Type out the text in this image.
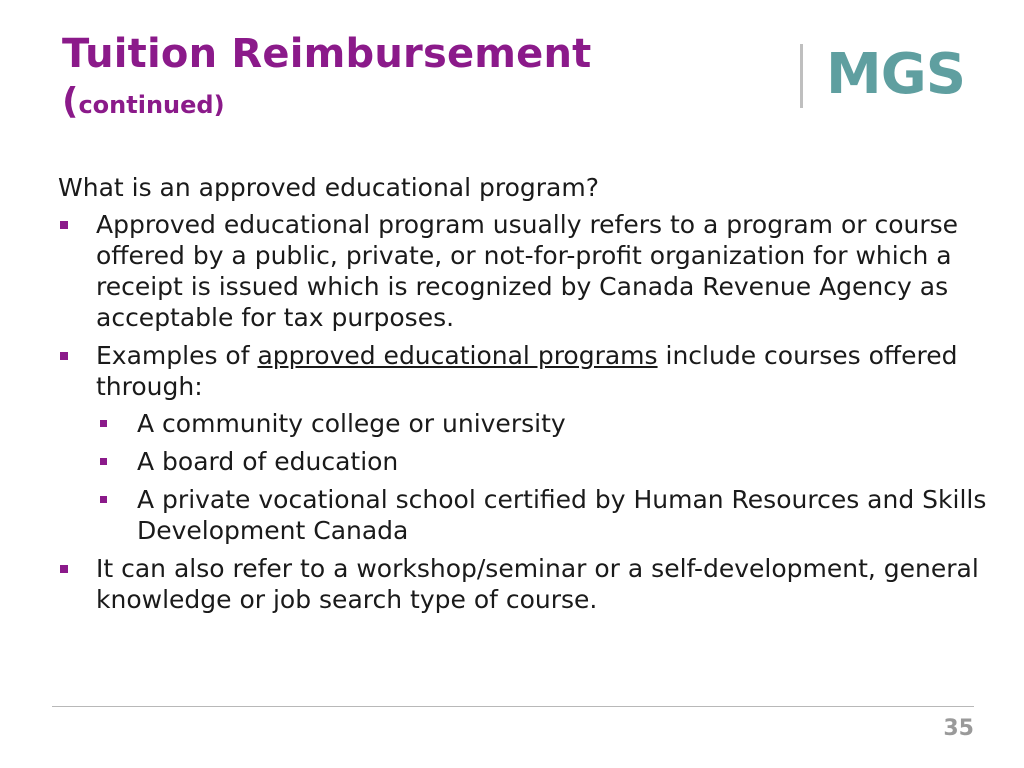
Tuition Reimbursement
(continued)	MGS

What is an approved educational program?

Approved educational program usually refers to a program or course offered by a public, private, or not-for-profit organization for which a receipt is issued which is recognized by Canada Revenue Agency as acceptable for tax purposes.
Examples of approved educational programs include courses offered through:
A community college or university
A board of education
A private vocational school certified by Human Resources and Skills Development Canada
It can also refer to a workshop/seminar or a self-development, general knowledge or job search type of course.
35
